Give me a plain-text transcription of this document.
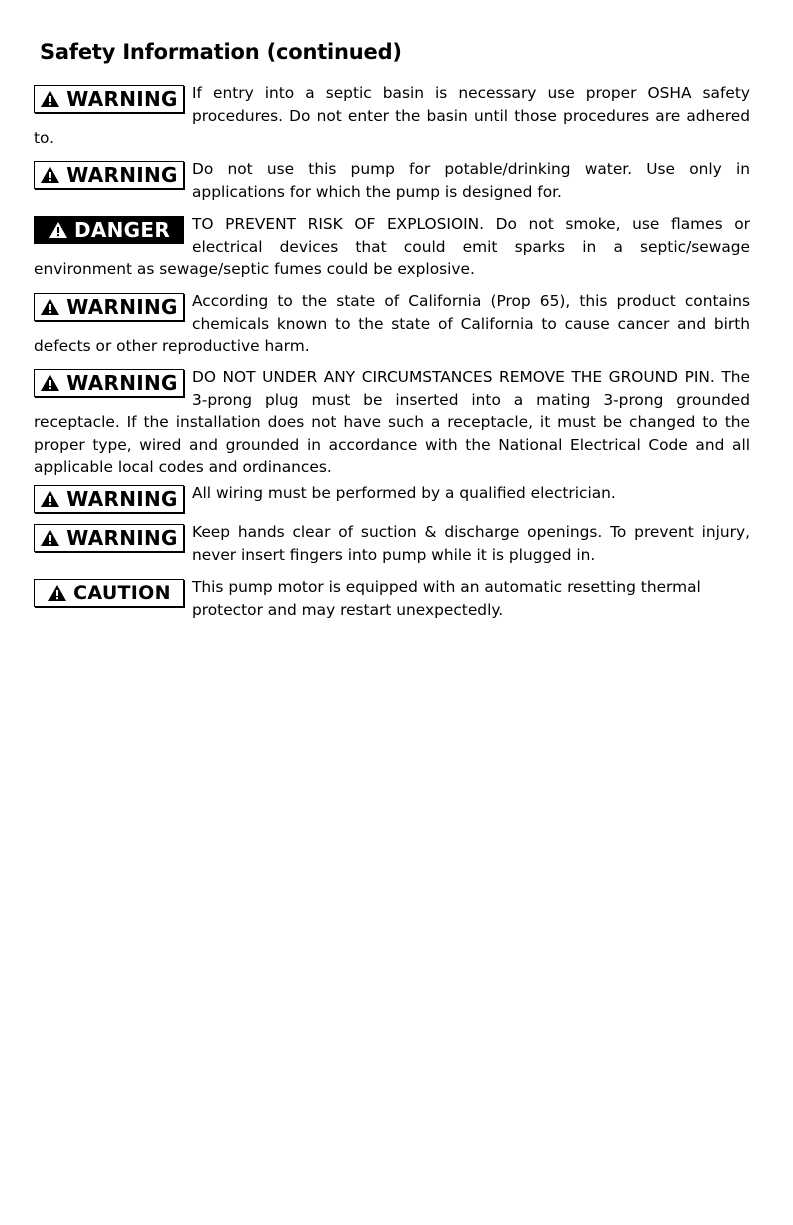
Safety Information (continued)
WARNING If entry into a septic basin is necessary use proper OSHA safety procedures. Do not enter the basin until those procedures are adhered to.

WARNING Do not use this pump for potable/drinking water. Use only in applications for which the pump is designed for.

DANGER	TO PREVENT RISK OF EXPLOSIOIN. Do not smoke, use flames or electrical devices that could emit sparks in a septic/sewage environment as sewage/septic fumes could be explosive.

WARNING According to the state of California (Prop 65), this product contains chemicals known to the state of California to cause cancer and birth defects or other reproductive harm.

WARNING DO NOT UNDER ANY CIRCUMSTANCES REMOVE THE GROUND PIN. The 3-prong plug must be inserted into a mating 3-prong grounded receptacle. If the installation does not have such a receptacle, it must be changed to the proper type, wired and grounded in accordance with the National Electrical Code and all applicable local codes and ordinances.

WARNING All wiring must be performed by a qualified electrician.

WARNING Keep hands clear of suction & discharge openings. To prevent injury, never insert fingers into pump while it is plugged in.

CAUTION	This pump motor is equipped with an automatic resetting thermal protector and may restart unexpectedly.
